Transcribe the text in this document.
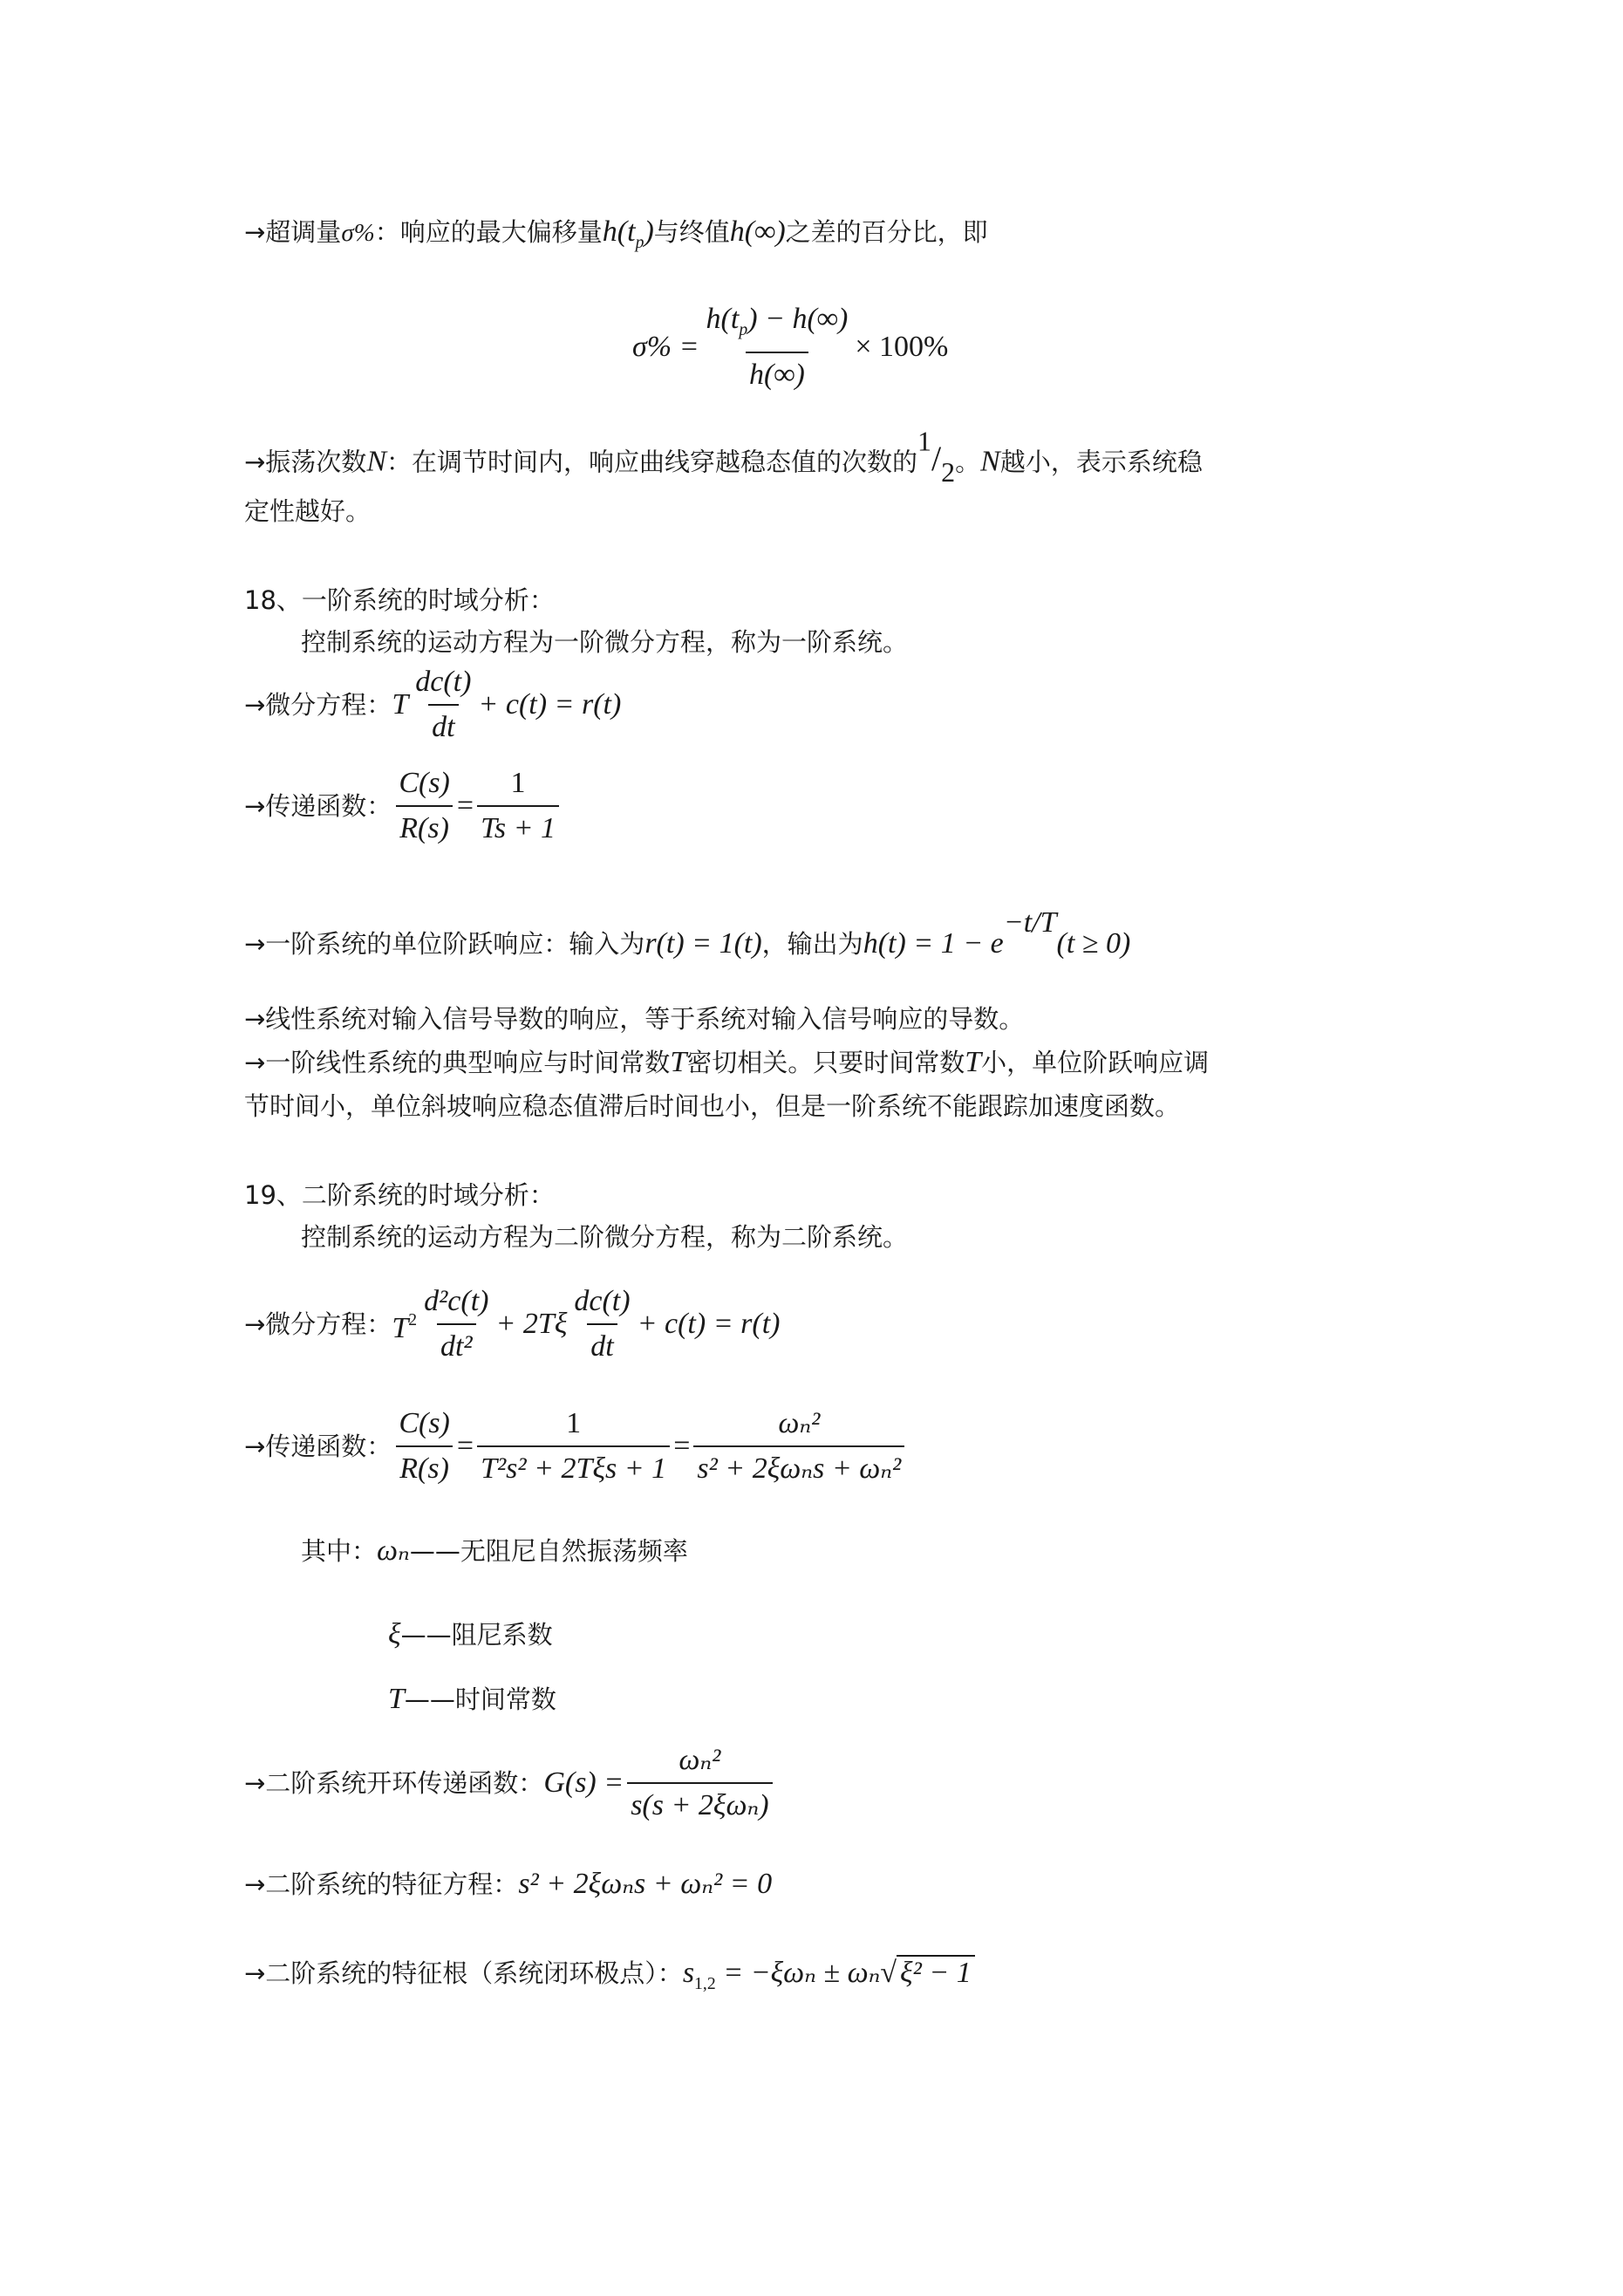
→超调量σ%：响应的最大偏移量$h(t_p)$与终值h(∞)之差的百分比，即
$\sigma\% = \frac{h(t_p) - h(\infty)}{h(\infty)} \times 100\%$
→振荡次数N：在调节时间内，响应曲线穿越稳态值的次数的$^1/_2$。N越小，表示系统稳
定性越好。
18、一阶系统的时域分析：
控制系统的运动方程为一阶微分方程，称为一阶系统。
→微分方程： T $\frac{dc(t)}{dt} + c(t) = r(t)$
→传递函数： $\frac{C(s)}{R(s)} = \frac{1}{Ts + 1}$
→一阶系统的单位阶跃响应：输入为r(t) = 1(t)，输出为$h(t) = 1 - e^{-t/T}(t \ge 0)$
→线性系统对输入信号导数的响应，等于系统对输入信号响应的导数。
→一阶线性系统的典型响应与时间常数T密切相关。只要时间常数T小，单位阶跃响应调
节时间小，单位斜坡响应稳态值滞后时间也小，但是一阶系统不能跟踪加速度函数。
19、二阶系统的时域分析：
控制系统的运动方程为二阶微分方程，称为二阶系统。
→微分方程： $T^2 \frac{\text{d²c(t)}}{\text{dt²}} + 2T\xi \frac{dc(t)}{dt} + c(t) = r(t)$
→传递函数： $\frac{C(s)}{R(s)} = \frac{1}{\text{T²s² + 2Tξs + 1}} = \frac{\text{ωₙ²}}{\text{s² + 2ξωₙs + ωₙ²}}$
其中：ωₙ——无阻尼自然振荡频率
ξ——阻尼系数
T——时间常数
→二阶系统开环传递函数： $G(s) = \frac{\text{ωₙ²}}{\text{s(s + 2ξωₙ)}}$
→二阶系统的特征方程：s² + 2ξωₙs + ωₙ² = 0
→二阶系统的特征根（系统闭环极点）：$s_{1,2} = -\xi\omega_n \pm \omega_n√$ ξ² − 1
